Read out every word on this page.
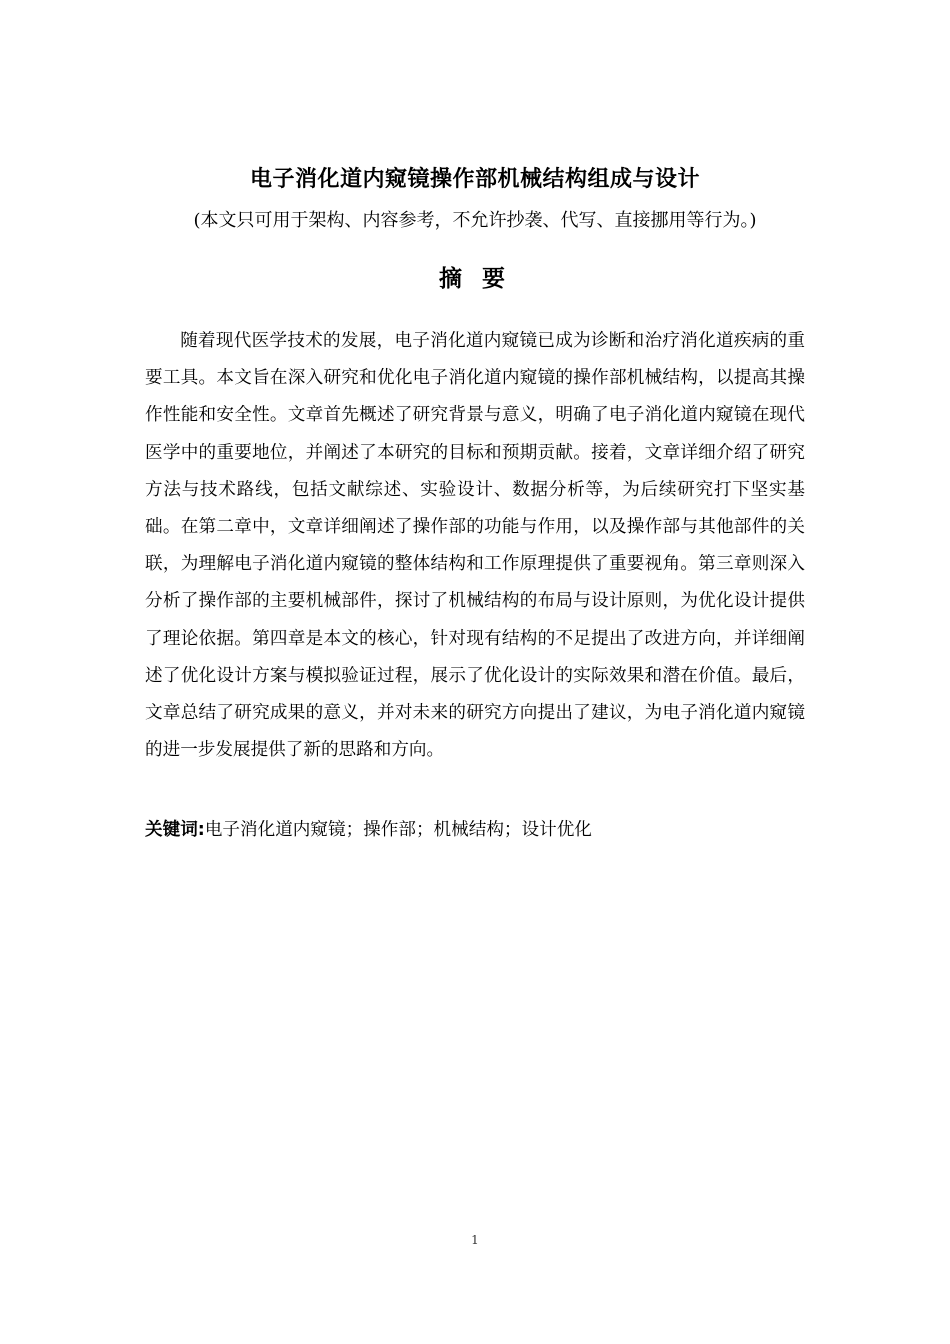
电子消化道内窥镜操作部机械结构组成与设计
(本文只可用于架构、内容参考，不允许抄袭、代写、直接挪用等行为。)
摘 要

随着现代医学技术的发展，电子消化道内窥镜已成为诊断和治疗消化道疾病的重要工具。本文旨在深入研究和优化电子消化道内窥镜的操作部机械结构，以提高其操作性能和安全性。文章首先概述了研究背景与意义，明确了电子消化道内窥镜在现代医学中的重要地位，并阐述了本研究的目标和预期贡献。接着，文章详细介绍了研究方法与技术路线，包括文献综述、实验设计、数据分析等，为后续研究打下坚实基础。在第二章中，文章详细阐述了操作部的功能与作用，以及操作部与其他部件的关联，为理解电子消化道内窥镜的整体结构和工作原理提供了重要视角。第三章则深入分析了操作部的主要机械部件，探讨了机械结构的布局与设计原则，为优化设计提供了理论依据。第四章是本文的核心，针对现有结构的不足提出了改进方向，并详细阐述了优化设计方案与模拟验证过程，展示了优化设计的实际效果和潜在价值。最后，文章总结了研究成果的意义，并对未来的研究方向提出了建议，为电子消化道内窥镜的进一步发展提供了新的思路和方向。

关键词:电子消化道内窥镜；操作部；机械结构；设计优化

1
